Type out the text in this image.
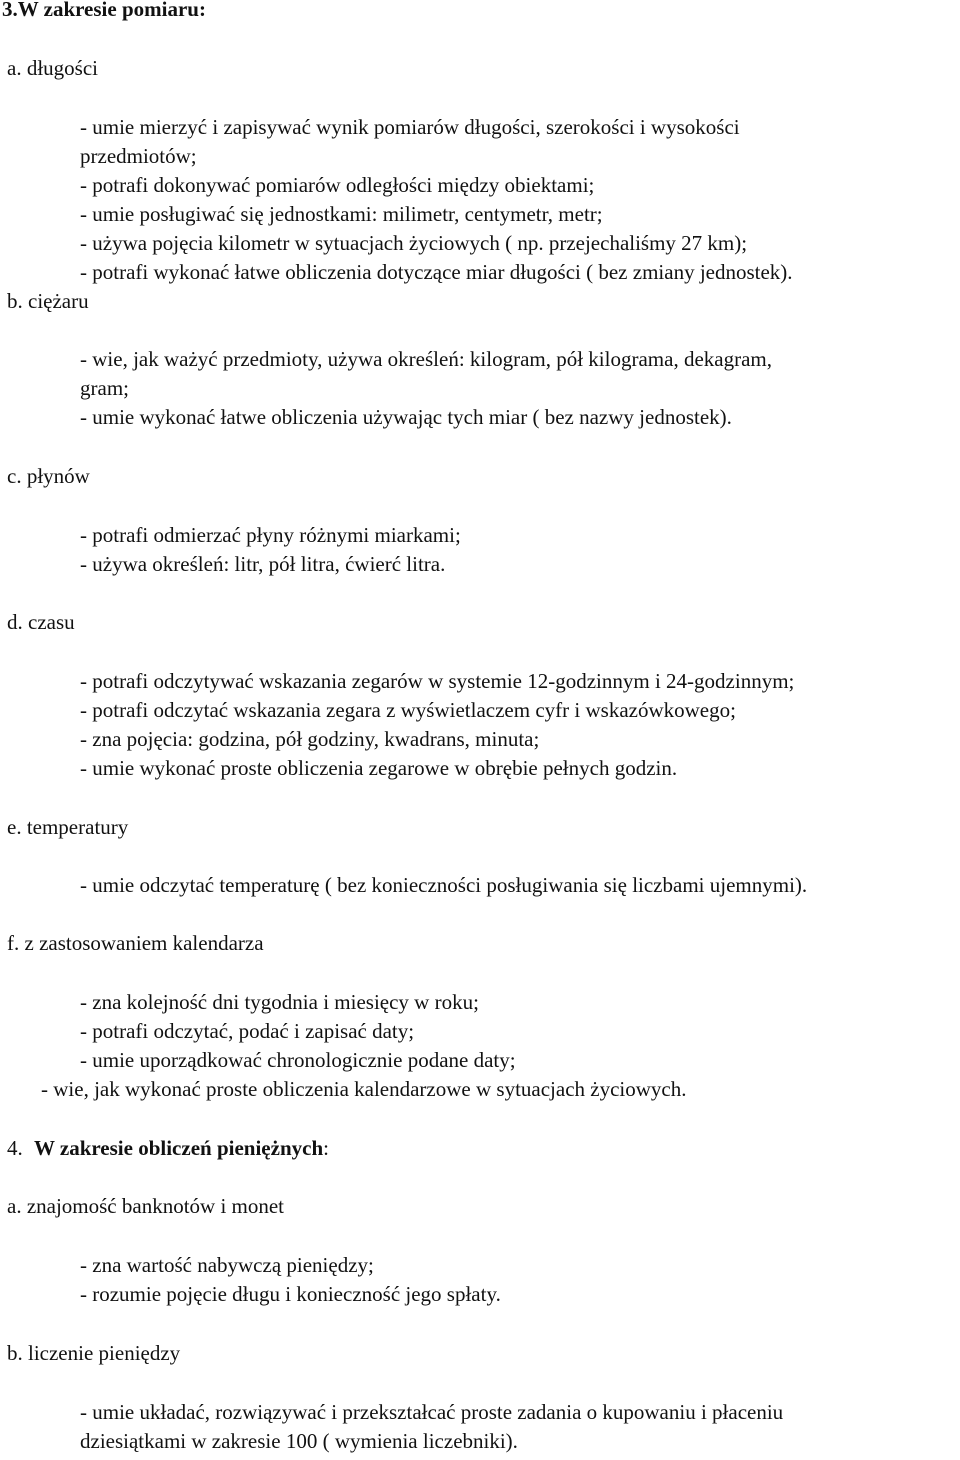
3.W zakresie pomiaru:
a. długości
- umie mierzyć i zapisywać wynik pomiarów długości, szerokości i wysokości
przedmiotów;
- potrafi dokonywać pomiarów odległości między obiektami;
- umie posługiwać się jednostkami: milimetr, centymetr, metr;
- używa pojęcia kilometr w sytuacjach życiowych ( np. przejechaliśmy 27 km);
- potrafi wykonać łatwe obliczenia dotyczące miar długości ( bez zmiany jednostek).
b. ciężaru
- wie, jak ważyć przedmioty, używa określeń: kilogram, pół kilograma, dekagram,
gram;
- umie wykonać łatwe obliczenia używając tych miar ( bez nazwy jednostek).
c. płynów
- potrafi odmierzać płyny różnymi miarkami;
- używa określeń: litr, pół litra, ćwierć litra.
d. czasu
- potrafi odczytywać wskazania zegarów w systemie 12-godzinnym i 24-godzinnym;
- potrafi odczytać wskazania zegara z wyświetlaczem cyfr i wskazówkowego;
- zna pojęcia: godzina, pół godziny, kwadrans, minuta;
- umie wykonać proste obliczenia zegarowe w obrębie pełnych godzin.
e. temperatury
- umie odczytać temperaturę ( bez konieczności posługiwania się liczbami ujemnymi).
f. z zastosowaniem kalendarza
- zna kolejność dni tygodnia i miesięcy w roku;
- potrafi odczytać, podać i zapisać daty;
- umie uporządkować chronologicznie podane daty;
- wie, jak wykonać proste obliczenia kalendarzowe w sytuacjach życiowych.
4. W zakresie obliczeń pieniężnych:
a. znajomość banknotów i monet
- zna wartość nabywczą pieniędzy;
- rozumie pojęcie długu i konieczność jego spłaty.
b. liczenie pieniędzy
- umie układać, rozwiązywać i przekształcać proste zadania o kupowaniu i płaceniu
dziesiątkami w zakresie 100 ( wymienia liczebniki).
